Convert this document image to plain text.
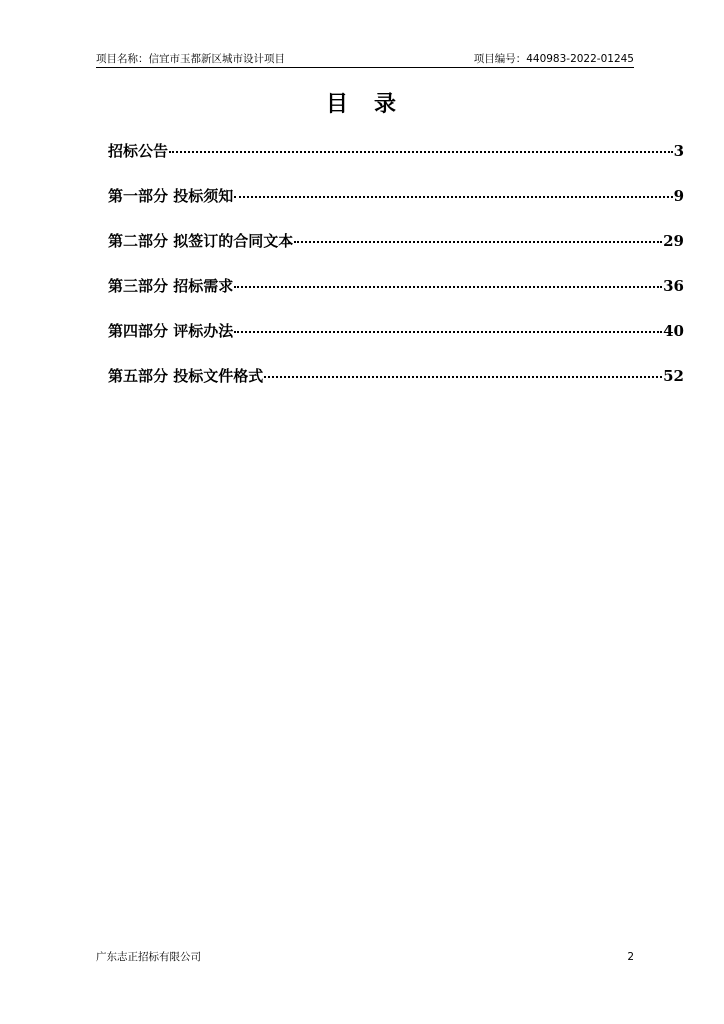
项目名称：信宜市玉都新区城市设计项目	项目编号：440983-2022-01245
目　录
招标公告	3
第一部分 投标须知	9
第二部分 拟签订的合同文本	29
第三部分 招标需求	36
第四部分 评标办法	40
第五部分 投标文件格式	52
广东志正招标有限公司	2
